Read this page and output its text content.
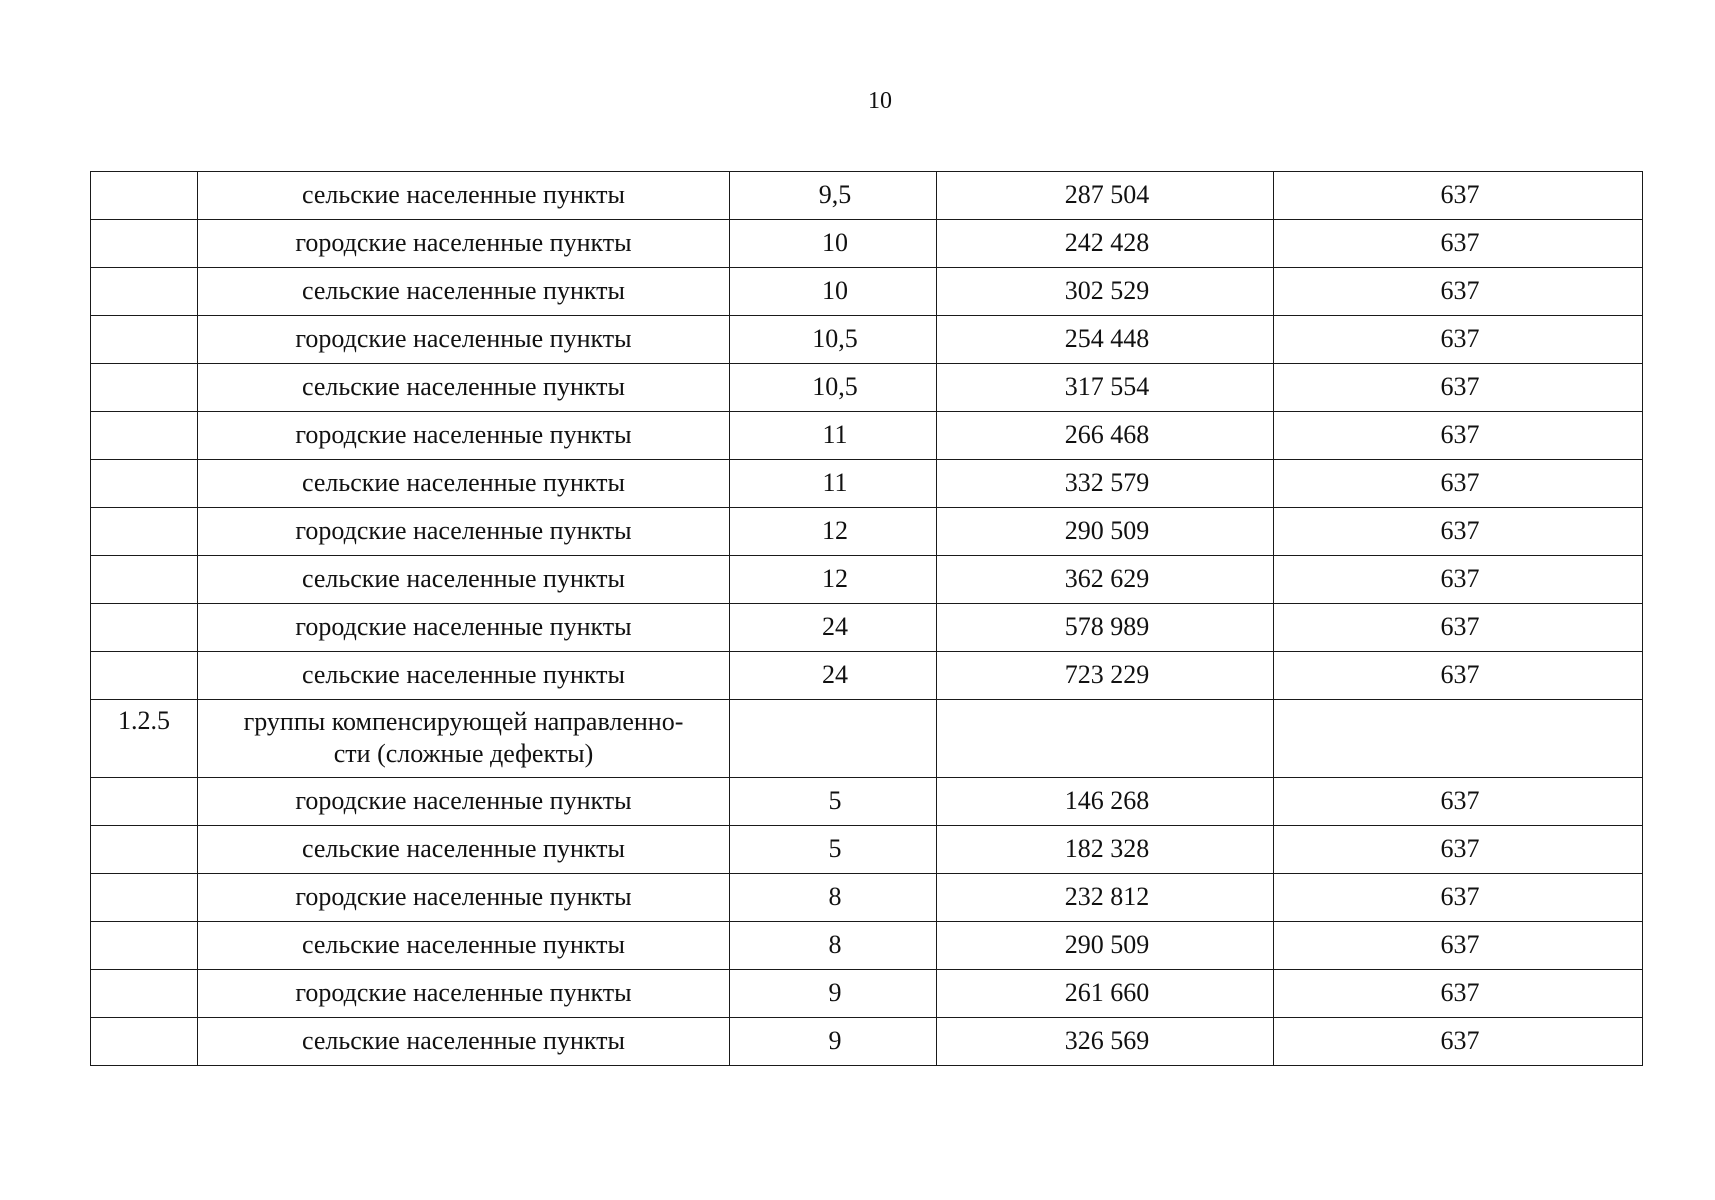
10
	сельские населенные пункты	9,5	287 504	637
	городские населенные пункты	10	242 428	637
	сельские населенные пункты	10	302 529	637
	городские населенные пункты	10,5	254 448	637
	сельские населенные пункты	10,5	317 554	637
	городские населенные пункты	11	266 468	637
	сельские населенные пункты	11	332 579	637
	городские населенные пункты	12	290 509	637
	сельские населенные пункты	12	362 629	637
	городские населенные пункты	24	578 989	637
	сельские населенные пункты	24	723 229	637
1.2.5	группы компенсирующей направленно-
сти (сложные дефекты)			

	городские населенные пункты	5	146 268	637
	сельские населенные пункты	5	182 328	637
	городские населенные пункты	8	232 812	637
	сельские населенные пункты	8	290 509	637
	городские населенные пункты	9	261 660	637
	сельские населенные пункты	9	326 569	637
